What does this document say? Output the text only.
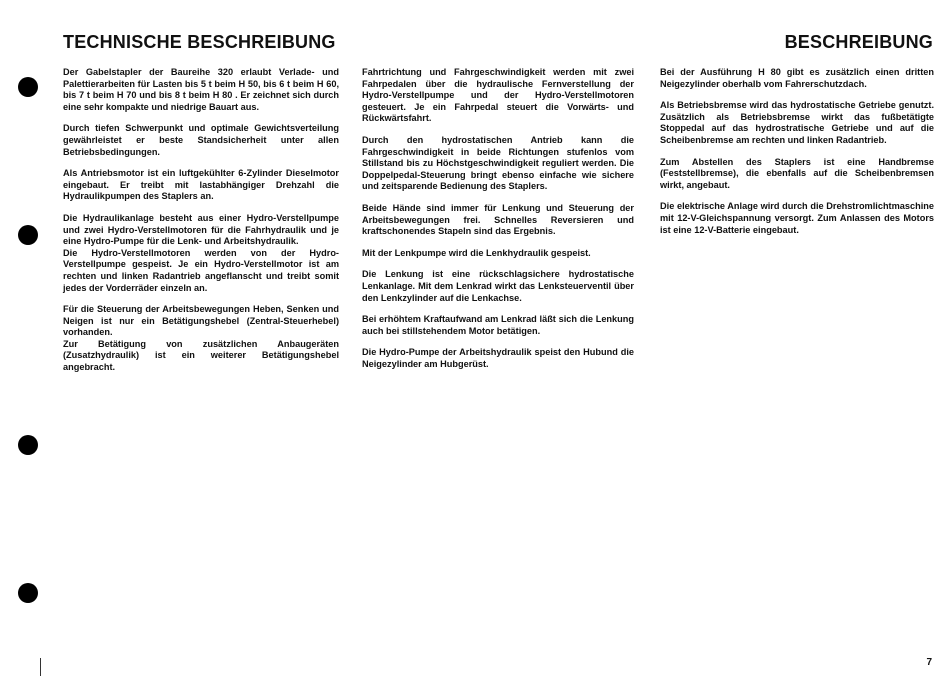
TECHNISCHE BESCHREIBUNG	BESCHREIBUNG

Der Gabelstapler der Baureihe 320 erlaubt Verlade- und Palettierarbeiten für Lasten bis 5 t beim H 50, bis 6 t beim H 60, bis 7 t beim H 70 und bis 8 t beim H 80 . Er zeichnet sich durch eine sehr kompakte und niedrige Bauart aus.

Durch tiefen Schwerpunkt und optimale Gewichtsverteilung gewährleistet er beste Standsicherheit unter allen Betriebsbedingungen.

Als Antriebsmotor ist ein luftgekühlter 6-Zylinder Dieselmotor eingebaut. Er treibt mit lastabhängiger Drehzahl die Hydraulikpumpen des Staplers an.

Die Hydraulikanlage besteht aus einer Hydro-Verstellpumpe und zwei Hydro-Verstellmotoren für die Fahrhydraulik und je eine Hydro-Pumpe für die Lenk- und Arbeitshydraulik.
Die Hydro-Verstellmotoren werden von der Hydro-Verstellpumpe gespeist. Je ein Hydro-Verstellmotor ist am rechten und linken Radantrieb angeflanscht und treibt somit jedes der Vorderräder einzeln an.

Für die Steuerung der Arbeitsbewegungen Heben, Senken und Neigen ist nur ein Betätigungshebel (Zentral-Steuerhebel) vorhanden.
Zur Betätigung von zusätzlichen Anbaugeräten (Zusatzhydraulik) ist ein weiterer Betätigungshebel angebracht.

Fahrtrichtung und Fahrgeschwindigkeit werden mit zwei Fahrpedalen über die hydraulische Fernverstellung der Hydro-Verstellpumpe und der Hydro-Verstellmotoren gesteuert. Je ein Fahrpedal steuert die Vorwärts- und Rückwärtsfahrt.

Durch den hydrostatischen Antrieb kann die Fahrgeschwindigkeit in beide Richtungen stufenlos vom Stillstand bis zu Höchstgeschwindigkeit reguliert werden. Die Doppelpedal-Steuerung bringt ebenso einfache wie sichere und zeitsparende Bedienung des Staplers.

Beide Hände sind immer für Lenkung und Steuerung der Arbeitsbewegungen frei. Schnelles Reversieren und kraftschonendes Stapeln sind das Ergebnis.

Mit der Lenkpumpe wird die Lenkhydraulik gespeist.

Die Lenkung ist eine rückschlagsichere hydrostatische Lenkanlage. Mit dem Lenkrad wirkt das Lenksteuerventil über den Lenkzylinder auf die Lenkachse.

Bei erhöhtem Kraftaufwand am Lenkrad läßt sich die Lenkung auch bei stillstehendem Motor betätigen.

Die Hydro-Pumpe der Arbeitshydraulik speist den Hubund die Neigezylinder am Hubgerüst.

Bei der Ausführung H 80 gibt es zusätzlich einen dritten Neigezylinder oberhalb vom Fahrerschutzdach.

Als Betriebsbremse wird das hydrostatische Getriebe genutzt. Zusätzlich als Betriebsbremse wirkt das fußbetätigte Stoppedal auf das hydrostratische Getriebe und auf die Scheibenbremse am rechten und linken Radantrieb.

Zum Abstellen des Staplers ist eine Handbremse (Feststellbremse), die ebenfalls auf die Scheibenbremsen wirkt, angebaut.

Die elektrische Anlage wird durch die Drehstromlichtmaschine mit 12-V-Gleichspannung versorgt. Zum Anlassen des Motors ist eine 12-V-Batterie eingebaut.

7
